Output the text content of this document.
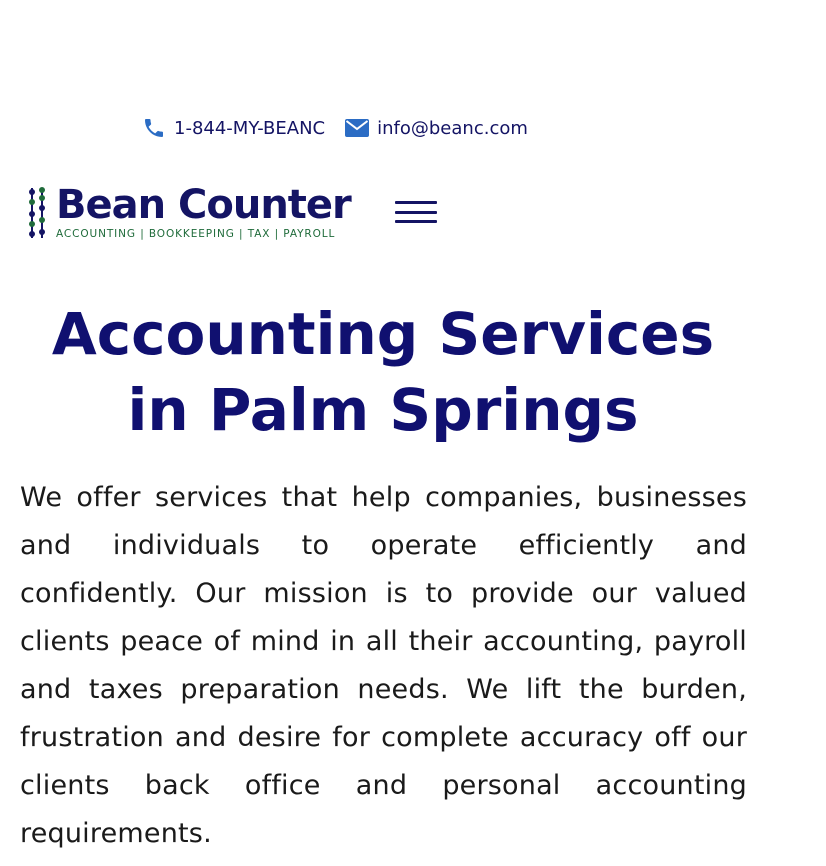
1-844-MY-BEANC	info@beanc.com
Bean Counter
ACCOUNTING | BOOKKEEPING | TAX | PAYROLL
Accounting Services in Palm Springs

We offer services that help companies, businesses and individuals to operate efficiently and confidently. Our mission is to provide our valued clients peace of mind in all their accounting, payroll and taxes preparation needs. We lift the burden, frustration and desire for complete accuracy off our clients back office and personal accounting requirements.
